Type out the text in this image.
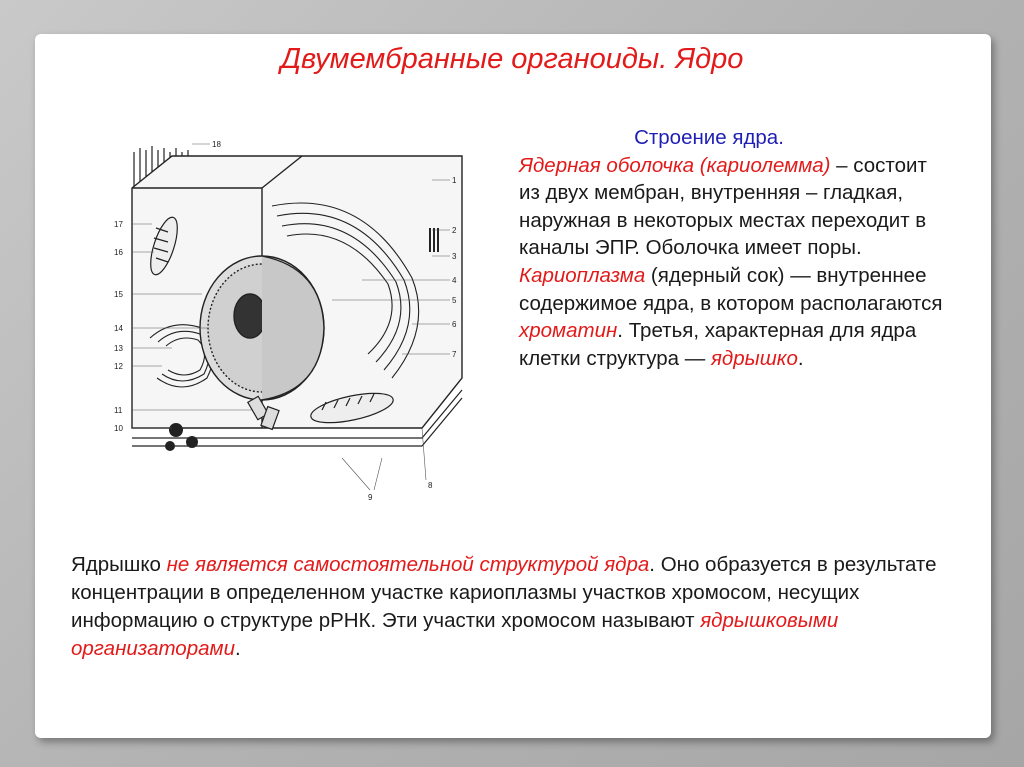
Двумембранные органоиды. Ядро
18
1
2
3
4
5
6
7
8
9
17
16
15
14
13
12
11
10
Строение ядра.
Ядерная оболочка (кариолемма) – состоит из двух мембран, внутренняя – гладкая, наружная в некоторых местах переходит в каналы ЭПР. Оболочка имеет поры. Кариоплазма (ядерный сок) — внутреннее содержимое ядра, в котором располагаются хроматин. Третья, характерная для ядра клетки структура — ядрышко.
Ядрышко не является самостоятельной структурой ядра. Оно образуется в результате концентрации в определенном участке кариоплазмы участков хромосом, несущих информацию о структуре рРНК. Эти участки хромосом называют ядрышковыми организаторами.
